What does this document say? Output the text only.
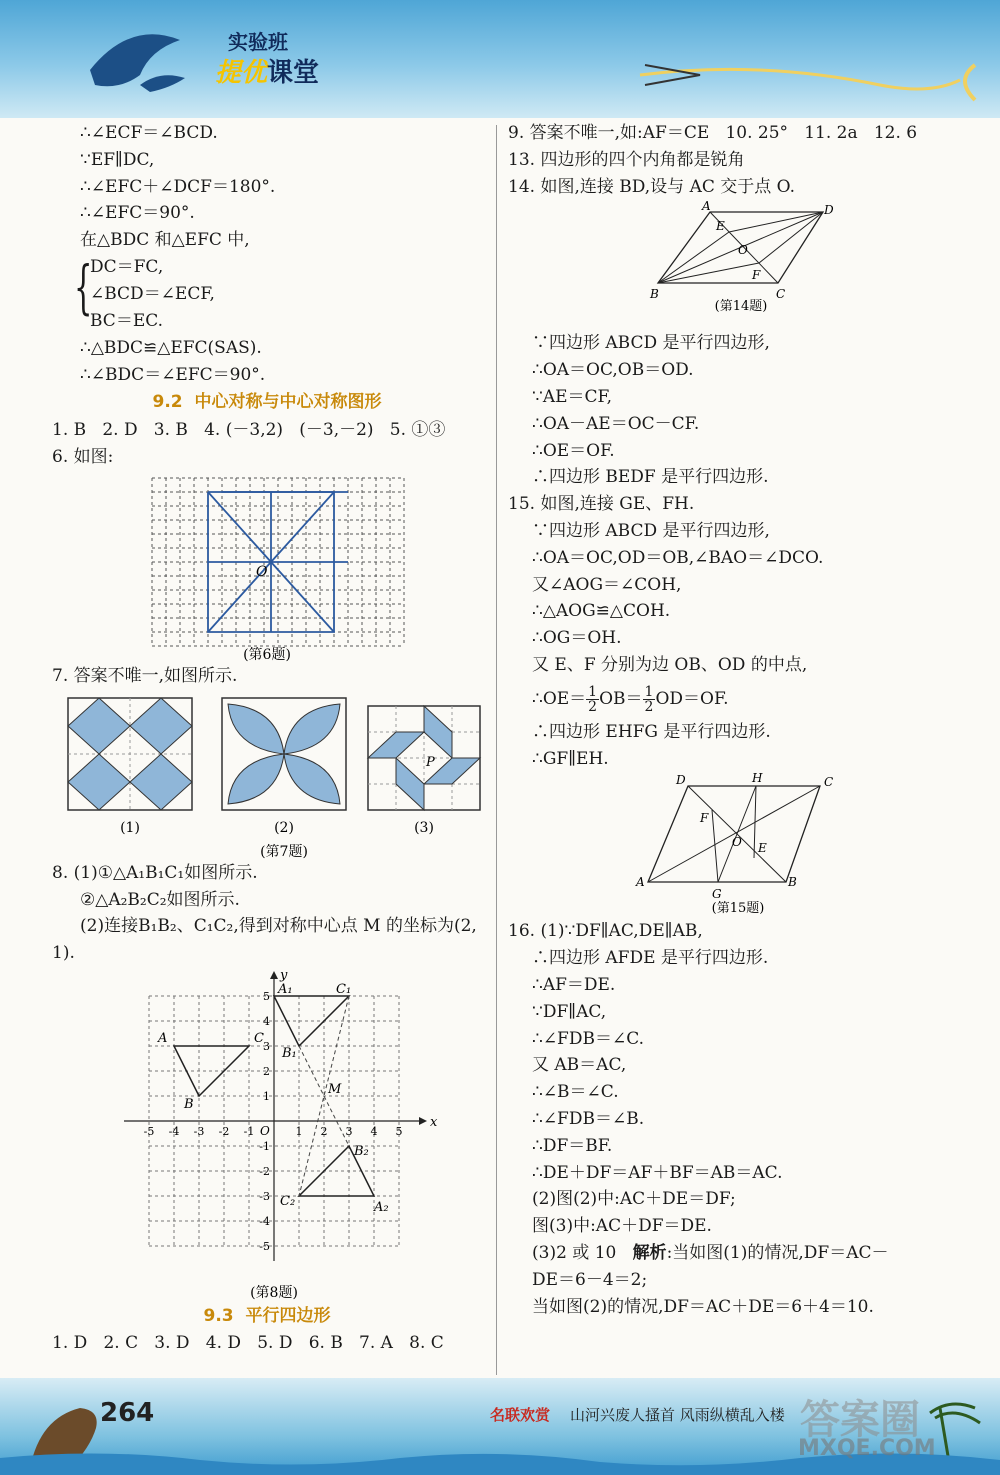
实验班
提优课堂
∴∠ECF＝∠BCD.
∵EF∥DC,
∴∠EFC＋∠DCF＝180°.
∴∠EFC＝90°.
在△BDC 和△EFC 中,
{
DC＝FC,
∠BCD＝∠ECF,
BC＝EC.
∴△BDC≌△EFC(SAS).
∴∠BDC＝∠EFC＝90°.
9.2 中心对称与中心对称图形
1. B   2. D   3. B   4. (－3,2)   (－3,－2)   5. ①③
6. 如图:
O
(第6题)
7. 答案不唯一,如图所示.
(1)	(2)
P
(3)
(第7题)
8. (1)①△A₁B₁C₁如图所示.
②△A₂B₂C₂如图所示.
(2)连接B₁B₂、C₁C₂,得到对称中心点 M 的坐标为(2,
1).
x
y
O
-5 -4 -3 -2 -1	1 2 3 4 5
5
4
3
2
1
-1
-2
-3
-4
-5
A
B
C
A₁
B₁
C₁
A₂
B₂
C₂
M
(第8题)
9.3 平行四边形
1. D   2. C   3. D   4. D   5. D   6. B   7. A   8. C
9. 答案不唯一,如:AF＝CE   10. 25°   11. 2a   12. 6
13. 四边形的四个内角都是锐角
14. 如图,连接 BD,设与 AC 交于点 O.
A
B	C
D
E
F
O
(第14题)
∵四边形 ABCD 是平行四边形,
∴OA＝OC,OB＝OD.
∵AE＝CF,
∴OA－AE＝OC－CF.
∴OE＝OF.
∴四边形 BEDF 是平行四边形.
15. 如图,连接 GE、FH.
∵四边形 ABCD 是平行四边形,
∴OA＝OC,OD＝OB,∠BAO＝∠DCO.
又∠AOG＝∠COH,
∴△AOG≌△COH.
∴OG＝OH.
又 E、F 分别为边 OB、OD 的中点,
∴OE＝ $\frac{1}{2} OB= \frac{1}{2} OD=OF$.
∴四边形 EHFG 是平行四边形.
∴GF∥EH.
D	H	C
A	B
G
F
E
O
(第15题)
16. (1)∵DF∥AC,DE∥AB,
∴四边形 AFDE 是平行四边形.
∴AF＝DE.
∵DF∥AC,
∴∠FDB＝∠C.
又 AB＝AC,
∴∠B＝∠C.
∴∠FDB＝∠B.
∴DF＝BF.
∴DE＋DF＝AF＋BF＝AB＝AC.
(2)图(2)中:AC＋DE＝DF;
图(3)中:AC＋DF＝DE.
(3)2 或 10   解析:当如图(1)的情况,DF＝AC－
DE＝6－4＝2;
当如图(2)的情况,DF＝AC＋DE＝6＋4＝10.
264	名联欢赏 山河兴废人搔首 风雨纵横乱入楼 答案圈
MXQE.COM
